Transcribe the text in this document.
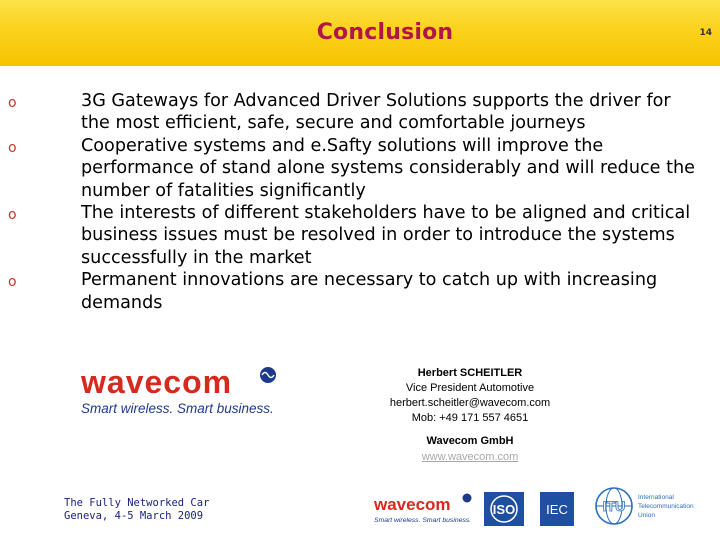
Conclusion	14
o	3G Gateways for Advanced Driver Solutions supports the driver for the most efficient, safe, secure and comfortable journeys
o	Cooperative systems and e.Safty solutions will improve the performance of stand alone systems considerably and will reduce the number of fatalities significantly
o	The interests of different stakeholders have to be aligned and critical business issues must be resolved in order to introduce the systems successfully in the market
o	Permanent innovations are necessary to catch up with increasing demands
wavecom
Smart wireless. Smart business.
Herbert SCHEITLER
Vice President Automotive
herbert.scheitler@wavecom.com
Mob: +49 171 557 4651
Wavecom GmbH
www.wavecom.com
The Fully Networked Car
Geneva, 4-5 March 2009
wavecom
Smart wireless. Smart business.
ISO IEC ITU
International
Telecommunication
Union
